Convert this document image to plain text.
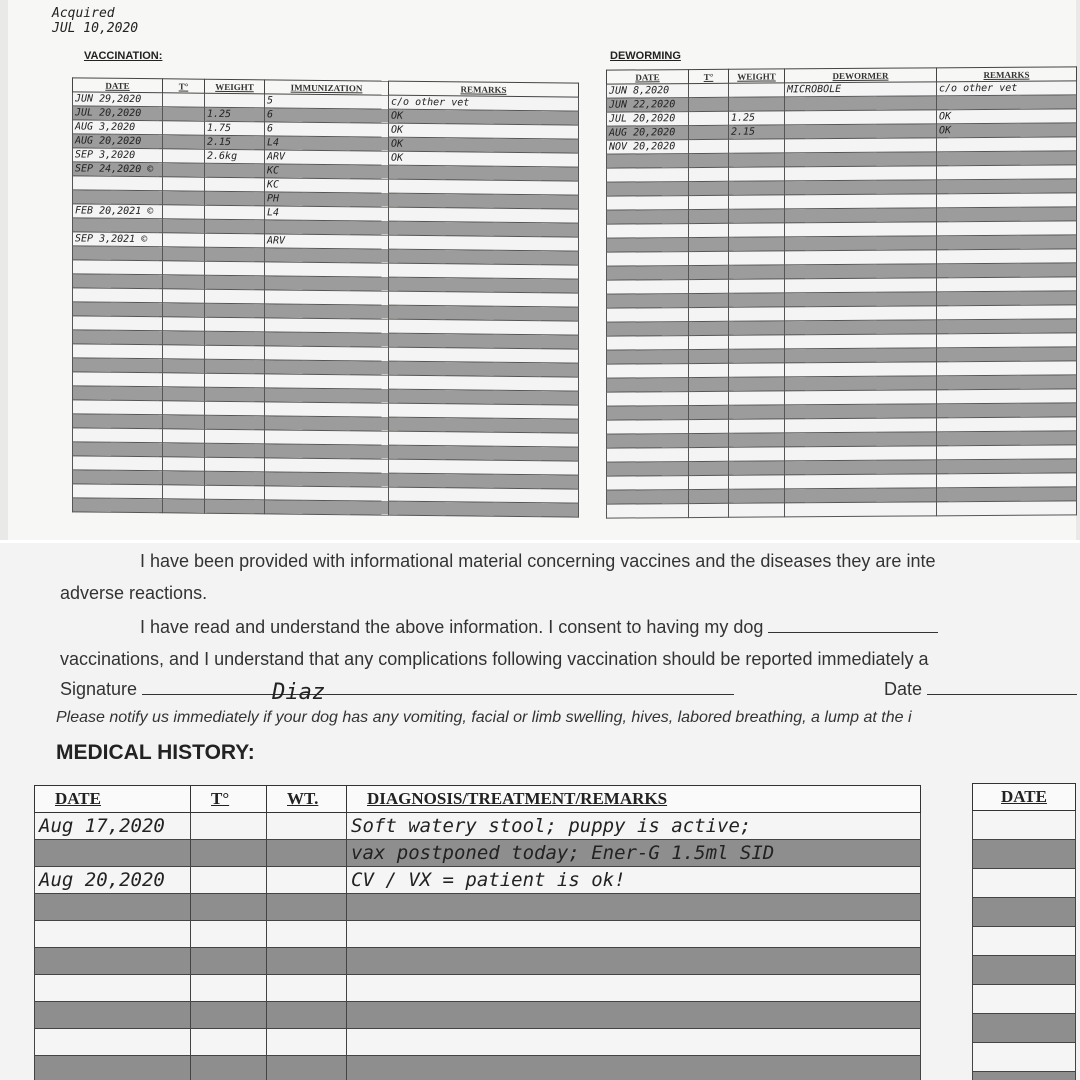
Acquired
JUL 10,2020
VACCINATION:
DATE	T°	WEIGHT	IMMUNIZATION	REMARKS
JUN 29,2020			5	c/o other vet
JUL 20,2020		1.25	6	OK
AUG 3,2020		1.75	6	OK
AUG 20,2020		2.15	L4	OK
SEP 3,2020		2.6kg	ARV	OK
SEP 24,2020 ©			KC	
			KC	
			PH	
FEB 20,2021 ©			L4	

SEP 3,2021 ©			ARV	

DEWORMING
DATE	T°	WEIGHT	DEWORMER	REMARKS
JUN 8,2020			MICROBOLE	c/o other vet
JUN 22,2020				
JUL 20,2020		1.25		OK
AUG 20,2020		2.15		OK
NOV 20,2020				

I have been provided with informational material concerning vaccines and the diseases they are inte
adverse reactions.
I have read and understand the above information. I consent to having my dog
vaccinations, and I understand that any complications following vaccination should be reported immediately a
Signature	Diaz	Date
Please notify us immediately if your dog has any vomiting, facial or limb swelling, hives, labored breathing, a lump at the i
MEDICAL HISTORY:
DATE	T°	WT.	DIAGNOSIS/TREATMENT/REMARKS
Aug 17,2020			Soft watery stool; puppy is active;
			vax postponed today; Ener-G 1.5ml SID
Aug 20,2020			CV / VX = patient is ok!

DATE
